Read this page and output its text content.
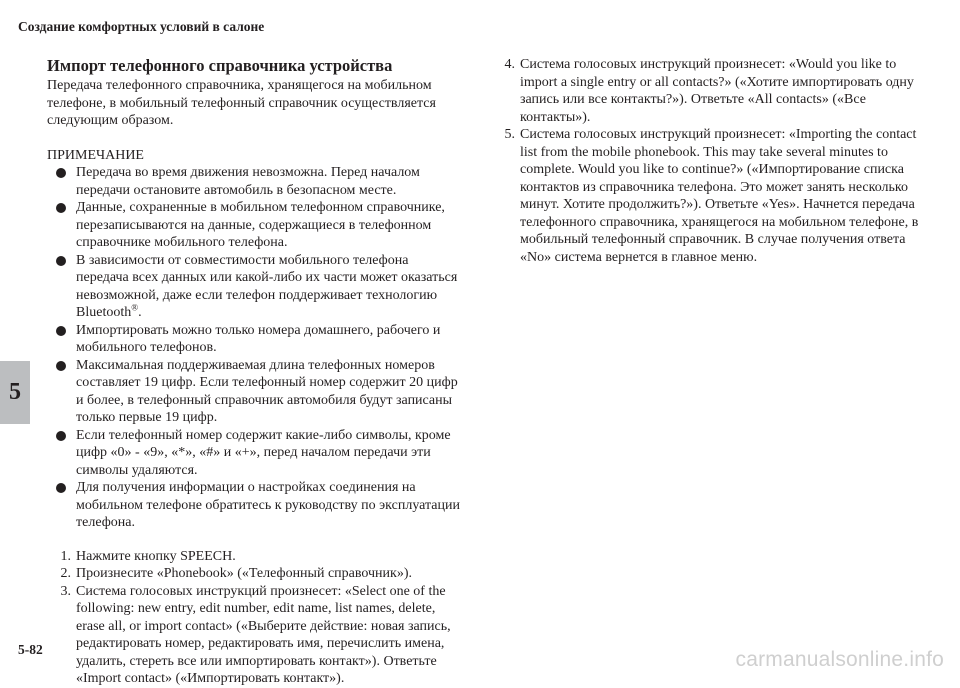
Создание комфортных условий в салоне
5
Импорт телефонного справочника устройства

Передача телефонного справочника, хранящегося на мобильном телефоне, в мобильный телефонный справочник осуществляется следующим образом.

ПРИМЕЧАНИЕ

Передача во время движения невозможна. Перед началом передачи остановите автомобиль в безопасном месте.
Данные, сохраненные в мобильном телефонном справочнике, перезаписываются на данные, содержащиеся в телефонном справочнике мобильного телефона.
В зависимости от совместимости мобильного телефона передача всех данных или какой-либо их части может оказаться невозможной, даже если телефон поддерживает технологию Bluetooth®.
Импортировать можно только номера домашнего, рабочего и мобильного телефонов.
Максимальная поддерживаемая длина телефонных номеров составляет 19 цифр. Если телефонный номер содержит 20 цифр и более, в телефонный справочник автомобиля будут записаны только первые 19 цифр.
Если телефонный номер содержит какие-либо символы, кроме цифр «0» - «9», «*», «#» и «+», перед началом передачи эти символы удаляются.
Для получения информации о настройках соединения на мобильном телефоне обратитесь к руководству по эксплуатации телефона.
1. Нажмите кнопку SPEECH.
2. Произнесите «Phonebook» («Телефонный справочник»).
3. Система голосовых инструкций произнесет: «Select one of the following: new entry, edit number, edit name, list names, delete, erase all, or import contact» («Выберите действие: новая запись, редактировать номер, редактировать имя, перечислить имена, удалить, стереть все или импортировать контакт»). Ответьте «Import contact» («Импортировать контакт»).
4. Система голосовых инструкций произнесет: «Would you like to import a single entry or all contacts?» («Хотите импортировать одну запись или все контакты?»). Ответьте «All contacts» («Все контакты»).
5. Система голосовых инструкций произнесет: «Importing the contact list from the mobile phonebook. This may take several minutes to complete. Would you like to continue?» («Импортирование списка контактов из справочника телефона. Это может занять несколько минут. Хотите продолжить?»). Ответьте «Yes». Начнется передача телефонного справочника, хранящегося на мобильном телефоне, в мобильный телефонный справочник. В случае получения ответа «No» система вернется в главное меню.
5-82	carmanualsonline.info
